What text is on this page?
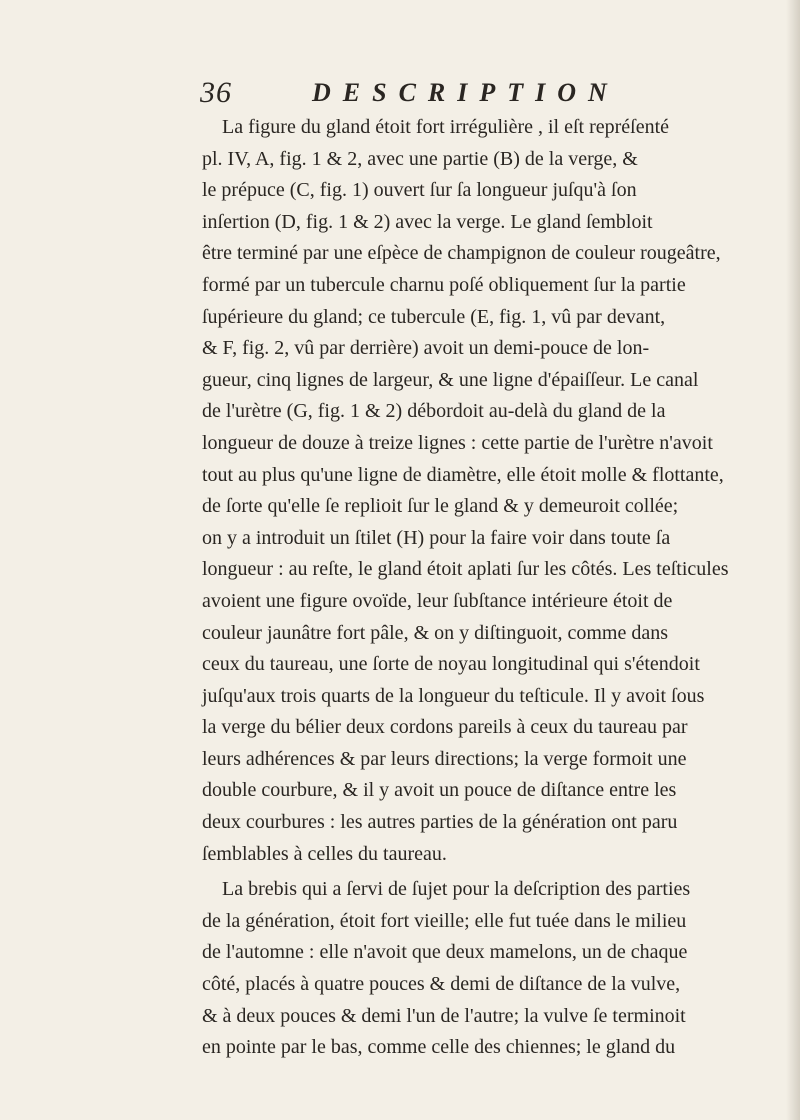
36	DESCRIPTION
La figure du gland étoit fort irrégulière , il eſt repréſenté
pl. IV, A, fig. 1 & 2, avec une partie (B) de la verge, &
le prépuce (C, fig. 1) ouvert ſur ſa longueur juſqu'à ſon
inſertion (D, fig. 1 & 2) avec la verge. Le gland ſembloit
être terminé par une eſpèce de champignon de couleur rougeâtre,
formé par un tubercule charnu poſé obliquement ſur la partie
ſupérieure du gland; ce tubercule (E, fig. 1, vû par devant,
& F, fig. 2, vû par derrière) avoit un demi-pouce de lon-
gueur, cinq lignes de largeur, & une ligne d'épaiſſeur. Le canal
de l'urètre (G, fig. 1 & 2) débordoit au-delà du gland de la
longueur de douze à treize lignes : cette partie de l'urètre n'avoit
tout au plus qu'une ligne de diamètre, elle étoit molle & flottante,
de ſorte qu'elle ſe replioit ſur le gland & y demeuroit collée;
on y a introduit un ſtilet (H) pour la faire voir dans toute ſa
longueur : au reſte, le gland étoit aplati ſur les côtés. Les teſticules
avoient une figure ovoïde, leur ſubſtance intérieure étoit de
couleur jaunâtre fort pâle, & on y diſtinguoit, comme dans
ceux du taureau, une ſorte de noyau longitudinal qui s'étendoit
juſqu'aux trois quarts de la longueur du teſticule. Il y avoit ſous
la verge du bélier deux cordons pareils à ceux du taureau par
leurs adhérences & par leurs directions; la verge formoit une
double courbure, & il y avoit un pouce de diſtance entre les
deux courbures : les autres parties de la génération ont paru
ſemblables à celles du taureau.
La brebis qui a ſervi de ſujet pour la deſcription des parties
de la génération, étoit fort vieille; elle fut tuée dans le milieu
de l'automne : elle n'avoit que deux mamelons, un de chaque
côté, placés à quatre pouces & demi de diſtance de la vulve,
& à deux pouces & demi l'un de l'autre; la vulve ſe terminoit
en pointe par le bas, comme celle des chiennes; le gland du
